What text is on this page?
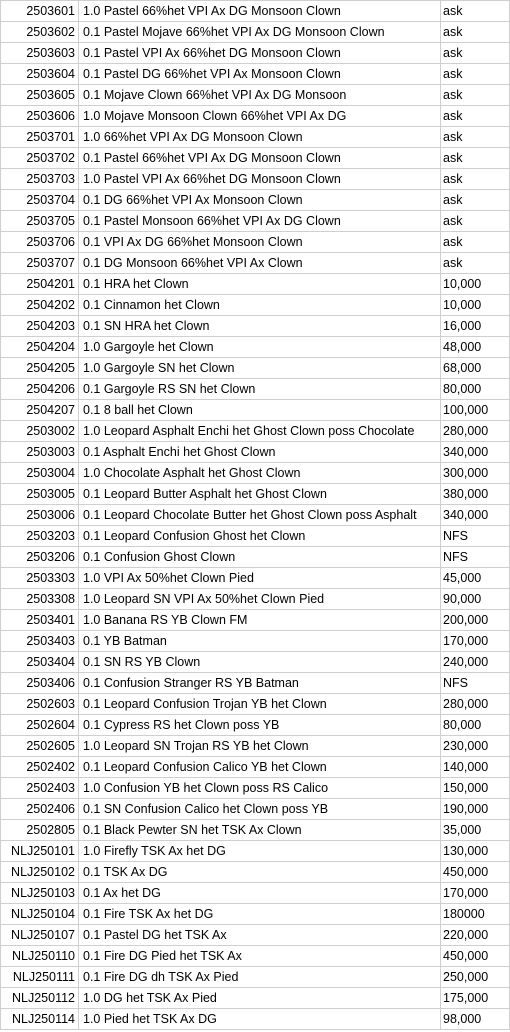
2503601	1.0 Pastel 66%het VPI Ax DG Monsoon Clown	ask
2503602	0.1 Pastel Mojave 66%het VPI Ax DG Monsoon Clown	ask
2503603	0.1 Pastel VPI Ax 66%het DG Monsoon Clown	ask
2503604	0.1 Pastel DG 66%het VPI Ax Monsoon Clown	ask
2503605	0.1 Mojave Clown 66%het VPI Ax DG Monsoon	ask
2503606	1.0 Mojave Monsoon Clown 66%het VPI Ax DG	ask
2503701	1.0 66%het VPI Ax DG Monsoon Clown	ask
2503702	0.1 Pastel 66%het VPI Ax DG Monsoon Clown	ask
2503703	1.0 Pastel VPI Ax 66%het DG Monsoon Clown	ask
2503704	0.1 DG 66%het VPI Ax Monsoon Clown	ask
2503705	0.1 Pastel Monsoon 66%het VPI Ax DG Clown	ask
2503706	0.1 VPI Ax DG 66%het Monsoon Clown	ask
2503707	0.1 DG Monsoon 66%het VPI Ax Clown	ask
2504201	0.1 HRA het Clown	10,000
2504202	0.1 Cinnamon het Clown	10,000
2504203	0.1 SN HRA het Clown	16,000
2504204	1.0 Gargoyle het Clown	48,000
2504205	1.0 Gargoyle SN het Clown	68,000
2504206	0.1 Gargoyle RS SN het Clown	80,000
2504207	0.1 8 ball het Clown	100,000
2503002	1.0 Leopard Asphalt Enchi het Ghost Clown poss Chocolate	280,000
2503003	0.1 Asphalt Enchi het Ghost Clown	340,000
2503004	1.0 Chocolate Asphalt het Ghost Clown	300,000
2503005	0.1 Leopard Butter Asphalt het Ghost Clown	380,000
2503006	0.1 Leopard Chocolate Butter het Ghost Clown poss Asphalt	340,000
2503203	0.1 Leopard Confusion Ghost het Clown	NFS
2503206	0.1 Confusion Ghost Clown	NFS
2503303	1.0 VPI Ax 50%het Clown Pied	45,000
2503308	1.0 Leopard SN VPI Ax 50%het Clown Pied	90,000
2503401	1.0 Banana RS YB Clown FM	200,000
2503403	0.1 YB Batman	170,000
2503404	0.1 SN RS YB Clown	240,000
2503406	0.1 Confusion Stranger RS YB Batman	NFS
2502603	0.1 Leopard Confusion Trojan YB het Clown	280,000
2502604	0.1 Cypress RS het Clown poss YB	80,000
2502605	1.0 Leopard SN Trojan RS YB het Clown	230,000
2502402	0.1 Leopard Confusion Calico YB het Clown	140,000
2502403	1.0 Confusion YB het Clown poss RS Calico	150,000
2502406	0.1 SN Confusion Calico het Clown poss YB	190,000
2502805	0.1 Black Pewter SN het TSK Ax Clown	35,000
NLJ250101	1.0 Firefly TSK Ax het DG	130,000
NLJ250102	0.1 TSK Ax DG	450,000
NLJ250103	0.1 Ax het DG	170,000
NLJ250104	0.1 Fire TSK Ax het DG	180000
NLJ250107	0.1 Pastel DG het TSK Ax	220,000
NLJ250110	0.1 Fire DG Pied het TSK Ax	450,000
NLJ250111	0.1 Fire DG dh TSK Ax Pied	250,000
NLJ250112	1.0 DG het TSK Ax Pied	175,000
NLJ250114	1.0 Pied het TSK Ax DG	98,000
